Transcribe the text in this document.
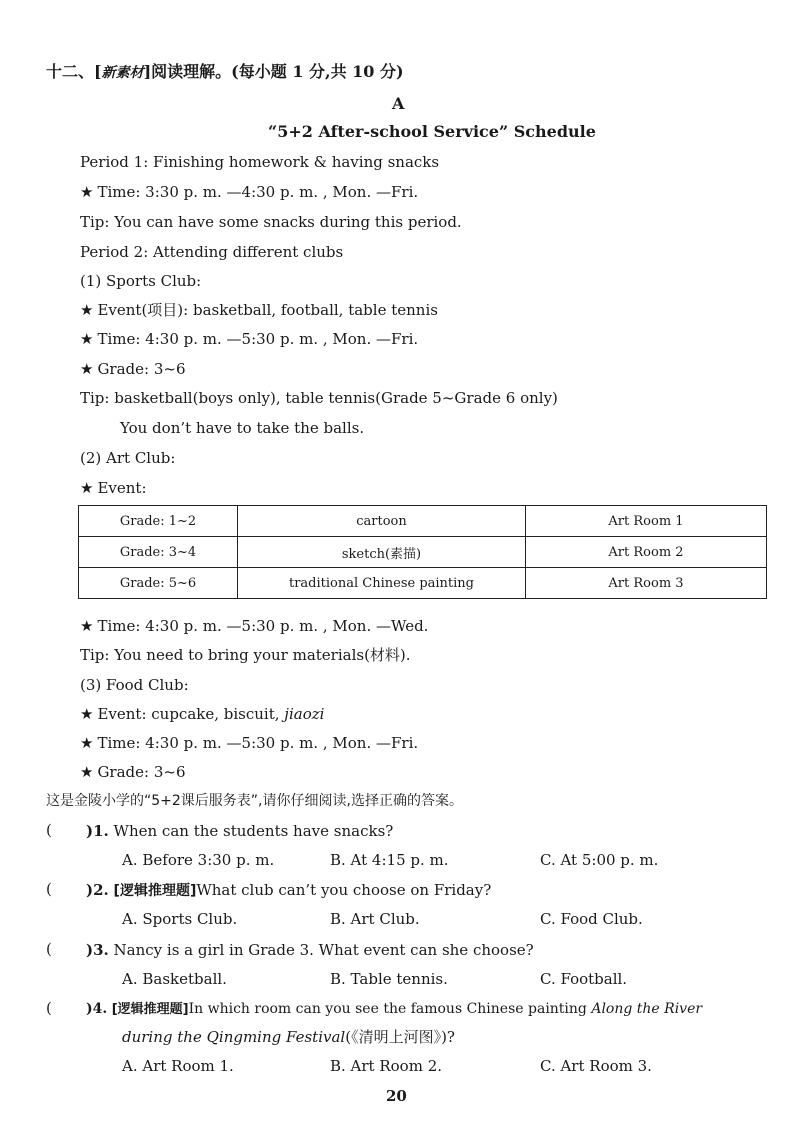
十二、[新素材]阅读理解。(每小题 1 分,共 10 分)
A
“5+2 After-school Service” Schedule
Period 1: Finishing homework & having snacks
★ Time: 3:30 p. m. —4:30 p. m. , Mon. —Fri.
Tip: You can have some snacks during this period.
Period 2: Attending different clubs
(1) Sports Club:
★ Event(项目): basketball, football, table tennis
★ Time: 4:30 p. m. —5:30 p. m. , Mon. —Fri.
★ Grade: 3~6
Tip: basketball(boys only), table tennis(Grade 5~Grade 6 only)
You don’t have to take the balls.
(2) Art Club:
★ Event:
Grade: 1~2	cartoon	Art Room 1
Grade: 3~4	sketch(素描)	Art Room 2
Grade: 5~6	traditional Chinese painting	Art Room 3
★ Time: 4:30 p. m. —5:30 p. m. , Mon. —Wed.
Tip: You need to bring your materials(材料).
(3) Food Club:
★ Event: cupcake, biscuit, jiaozi
★ Time: 4:30 p. m. —5:30 p. m. , Mon. —Fri.
★ Grade: 3~6
这是金陵小学的“5+2课后服务表”,请你仔细阅读,选择正确的答案。
( )1. When can the students have snacks?
A. Before 3:30 p. m.	B. At 4:15 p. m.	C. At 5:00 p. m.
( )2. [逻辑推理题]What club can’t you choose on Friday?
A. Sports Club.	B. Art Club.	C. Food Club.
( )3. Nancy is a girl in Grade 3. What event can she choose?
A. Basketball.	B. Table tennis.	C. Football.
( )4. [逻辑推理题]In which room can you see the famous Chinese painting Along the River
during the Qingming Festival(《清明上河图》)?
A. Art Room 1.	B. Art Room 2.	C. Art Room 3.
20
